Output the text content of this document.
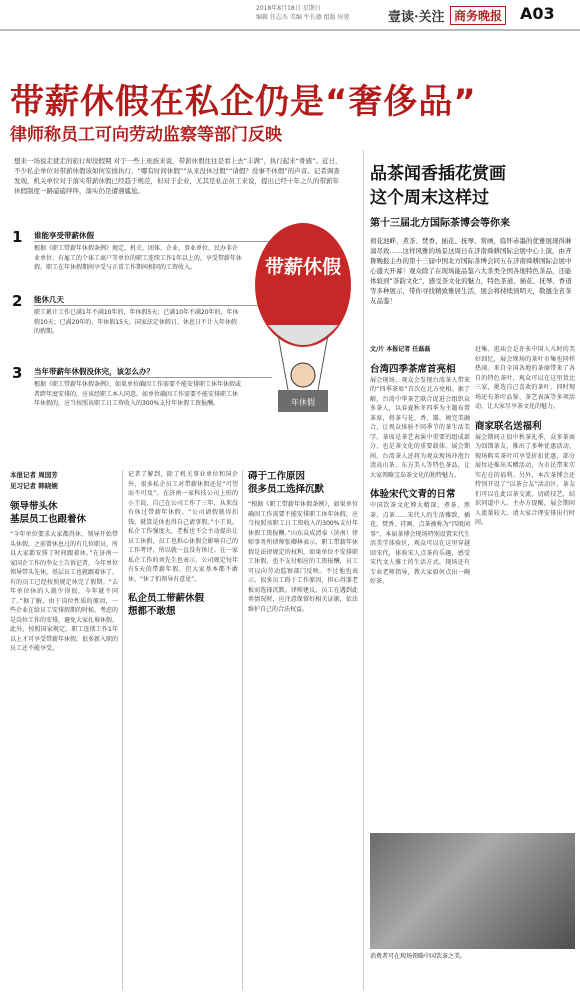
2018年8月18日 星期日
编辑 任志杰 美编 牛长德 组版 侯蓉	壹读·关注 商务晚报 A03
带薪休假在私企仍是“奢侈品”
律师称员工可向劳动监察等部门反映
想来一场说走就走的旅行却没假期 对于一些上班族来说，带薪休假往往是看上去“丰满”，执行起来“骨感”。近日，不少私企单位对带薪休假该如何安排执行，“哪有时间休假”“从来没休过假”“请假？没事不休假”的声音。记者调查发现，机关单位对于落实带薪休假已经趋于规范，但对于企业，尤其是私企员工来说，提出已经十年之久的带薪年休假制度一路磕磕绊绊，落实仍是遭遇尴尬。
1	谁能享受带薪休假
根据《职工带薪年休假条例》规定，机关、团体、企业、事业单位、民办非企业单位、有雇工的个体工商户等单位的职工连续工作1年以上的，享受带薪年休假。职工在年休假期间享受与正常工作期间相同的工资收入。
2	能休几天
职工累计工作已满1年不满10年的，年休假5天；已满10年不满20年的，年休假10天；已满20年的，年休假15天。国家法定休假日、休息日不计入年休假的假期。
3	当年带薪年休假没休完，该怎么办？
根据《职工带薪年休假条例》，如果单位确因工作需要不能安排职工休年休假或者跨年度安排的，应该经职工本人同意。如单位确因工作需要不能安排职工休年休假的，应当按照该职工日工资收入的300%支付年休假工资报酬。
带薪休假
年休假
本报记者 周国芳
见习记者 韩晓婉
领导带头休
基层员工也跟着休
“今年单位要求大家都得休，领导开始带头休假，之前曾休息过的有几位职员，所以大家都安排了时间跟着休。”在济南一家国企工作的李女士告诉记者，今年单位领导带头先休，基层员工也就跟着休了，有的员工已经按照规定休完了假期。“去年单位休的人就少得很，今年就不同了。”据了解，由于岗位性质的原因，一些企业在给员工安排假期的时候，考虑的是岗位工作的安排，避免大家扎堆休假。此外，按照国家规定，职工连续工作1年以上才可享受带薪年休假，很多新入职的员工还不能享受。
记者了解到，除了机关事业单位和国企外，很多私企员工对带薪休假还是“可望而不可及”。在济南一家科技公司上班的小王说，自己在公司工作了三年，从来没有休过带薪年休假。“公司请假就得扣钱，就算是休也得自己请事假。”小王说，私企工作强度大，老板也不会主动提出让员工休假，员工也担心休假会影响自己的工作考评，所以就一直没有休过。在一家私企工作的刘先生也表示，公司规定每年有5天的带薪年假，但大家基本都不敢休，“休了怕领导有意见”。
私企员工带薪休假
想都不敢想
碍于工作原因
很多员工选择沉默
“根据《职工带薪年休假条例》，如果单位确因工作需要不能安排职工休年休假，应当按照该职工日工资收入的300%支付年休假工资报酬。”山东众成清泰（济南）律师事务所律师张卿林表示，职工带薪年休假是法律规定的权利，如果单位不安排职工休假，也不支付相应的工资报酬，员工可以向劳动监察部门反映。不过他也表示，很多员工碍于工作原因，担心得罪老板而选择沉默。律师建议，员工在遇到此类情况时，应注意保留好相关证据，依法维护自己的合法权益。
品茶闻香插花赏画
这个周末这样过
第十三届北方国际茶博会等你来
荷花池畔，煮茶、焚香、插花、抚琴、赏画，临怀赤墨的优雅展现得淋漓尽致……这样风雅的场景这周日在济南舜耕国际会展中心上演，由齐鲁晚报主办的第十三届中国北方国际茶博会同五在济南舜耕国际会展中心盛大开幕！观众除了在现场能品鉴六大茶类全国各地特色茶品，还能体验到“茶韵文化”，感受茶文化的魅力，特色茶道、插花、抚琴、香道等多种展示，带你寻找精致雅居生活，展会将持续到明天，敬邀全省茶友品鉴！
文/片 本报记者 任磊磊
台湾四季茶席首亮相
展会现场，观众会发现台湾茶人带来的“四季茶席”首次在北方亮相。据了解，台湾中华茶艺联合促进会组织众多茶人，以春夏秋冬四季为主题布置茶席，将茶与花、香、器、境完美融合，让观众体验不同季节的茶生活美学。茶席是茶艺表演中重要的组成部分，也是茶文化的重要载体。展会期间，台湾茶人还将为观众现场冲泡台湾高山茶、东方美人等特色茶品，让大家领略宝岛茶文化的独特魅力。
体验宋代文青的日常
中国饮茶文化博大精深，煮茶、煎茶、点茶……宋代人的生活雅致，插花、焚香、挂画、点茶被称为“四般闲事”。本届茶博会现场特别设置宋代生活美学体验区，观众可以在这里穿越回宋代，体验宋人点茶的乐趣，感受宋代文人雅士的生活方式。现场还有专业老师指导，教大家如何点出一碗好茶。
赶集、逛庙会是许多中国人儿时的美好回忆，展会现场的茶叶市集也同样热闹。来自全国各地的茶商带来了各自的特色茶叶，观众可以在这里货比三家，挑选自己喜欢的茶叶。同时现场还有茶叶品鉴、茶艺表演等多项活动，让大家尽享茶文化的魅力。
商家联名送福利
展会期间正值中秋茶礼季，众多茶商为回馈茶友，推出了多种优惠活动，现场购买茶叶可享受折扣优惠，部分展位还推出买赠活动，为市民带来实实在在的福利。另外，本次茶博会还特别开设了“以茶会友”活动区，茶友们可以在此以茶交流，切磋技艺，结识同道中人。主办方提醒，展会期间人流量较大，请大家合理安排出行时间。
消费者可在现场领略中国饮茶之美。
